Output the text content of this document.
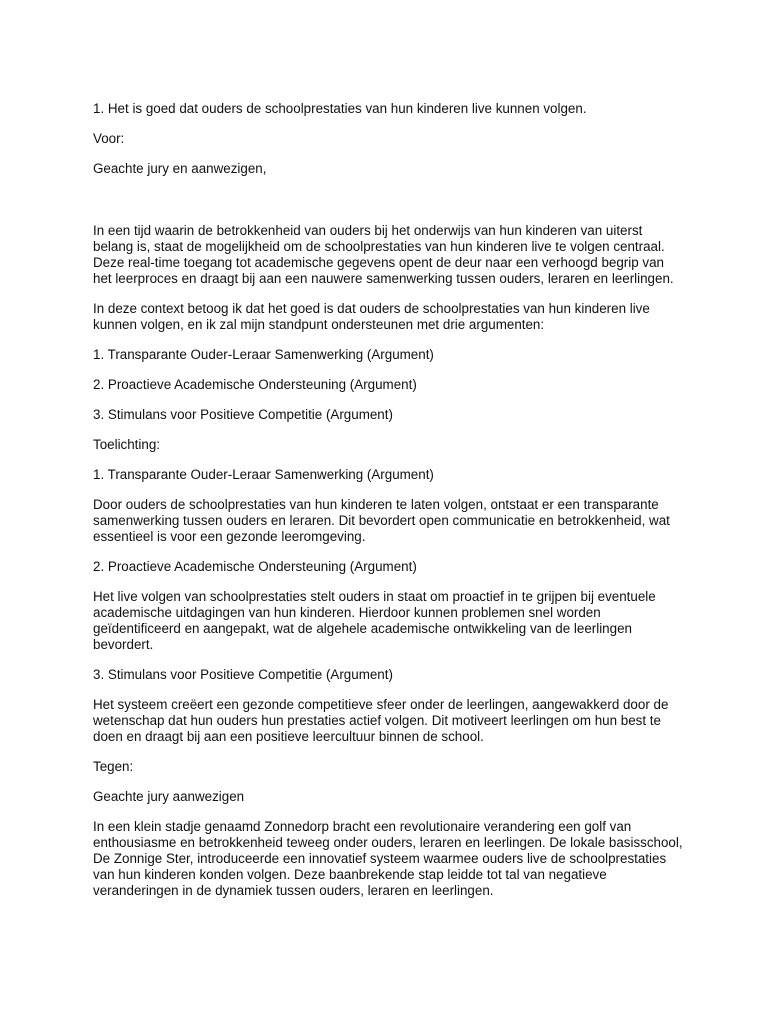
1. Het is goed dat ouders de schoolprestaties van hun kinderen live kunnen volgen.

Voor:

Geachte jury en aanwezigen,

In een tijd waarin de betrokkenheid van ouders bij het onderwijs van hun kinderen van uiterst belang is, staat de mogelijkheid om de schoolprestaties van hun kinderen live te volgen centraal. Deze real-time toegang tot academische gegevens opent de deur naar een verhoogd begrip van het leerproces en draagt bij aan een nauwere samenwerking tussen ouders, leraren en leerlingen.

In deze context betoog ik dat het goed is dat ouders de schoolprestaties van hun kinderen live kunnen volgen, en ik zal mijn standpunt ondersteunen met drie argumenten:

1. Transparante Ouder-Leraar Samenwerking (Argument)

2. Proactieve Academische Ondersteuning (Argument)

3. Stimulans voor Positieve Competitie (Argument)

Toelichting:

1. Transparante Ouder-Leraar Samenwerking (Argument)

Door ouders de schoolprestaties van hun kinderen te laten volgen, ontstaat er een transparante samenwerking tussen ouders en leraren. Dit bevordert open communicatie en betrokkenheid, wat essentieel is voor een gezonde leeromgeving.

2. Proactieve Academische Ondersteuning (Argument)

Het live volgen van schoolprestaties stelt ouders in staat om proactief in te grijpen bij eventuele academische uitdagingen van hun kinderen. Hierdoor kunnen problemen snel worden geïdentificeerd en aangepakt, wat de algehele academische ontwikkeling van de leerlingen bevordert.

3. Stimulans voor Positieve Competitie (Argument)

Het systeem creëert een gezonde competitieve sfeer onder de leerlingen, aangewakkerd door de wetenschap dat hun ouders hun prestaties actief volgen. Dit motiveert leerlingen om hun best te doen en draagt bij aan een positieve leercultuur binnen de school.

Tegen:

Geachte jury aanwezigen

In een klein stadje genaamd Zonnedorp bracht een revolutionaire verandering een golf van enthousiasme en betrokkenheid teweeg onder ouders, leraren en leerlingen. De lokale basisschool, De Zonnige Ster, introduceerde een innovatief systeem waarmee ouders live de schoolprestaties van hun kinderen konden volgen. Deze baanbrekende stap leidde tot tal van negatieve veranderingen in de dynamiek tussen ouders, leraren en leerlingen.
